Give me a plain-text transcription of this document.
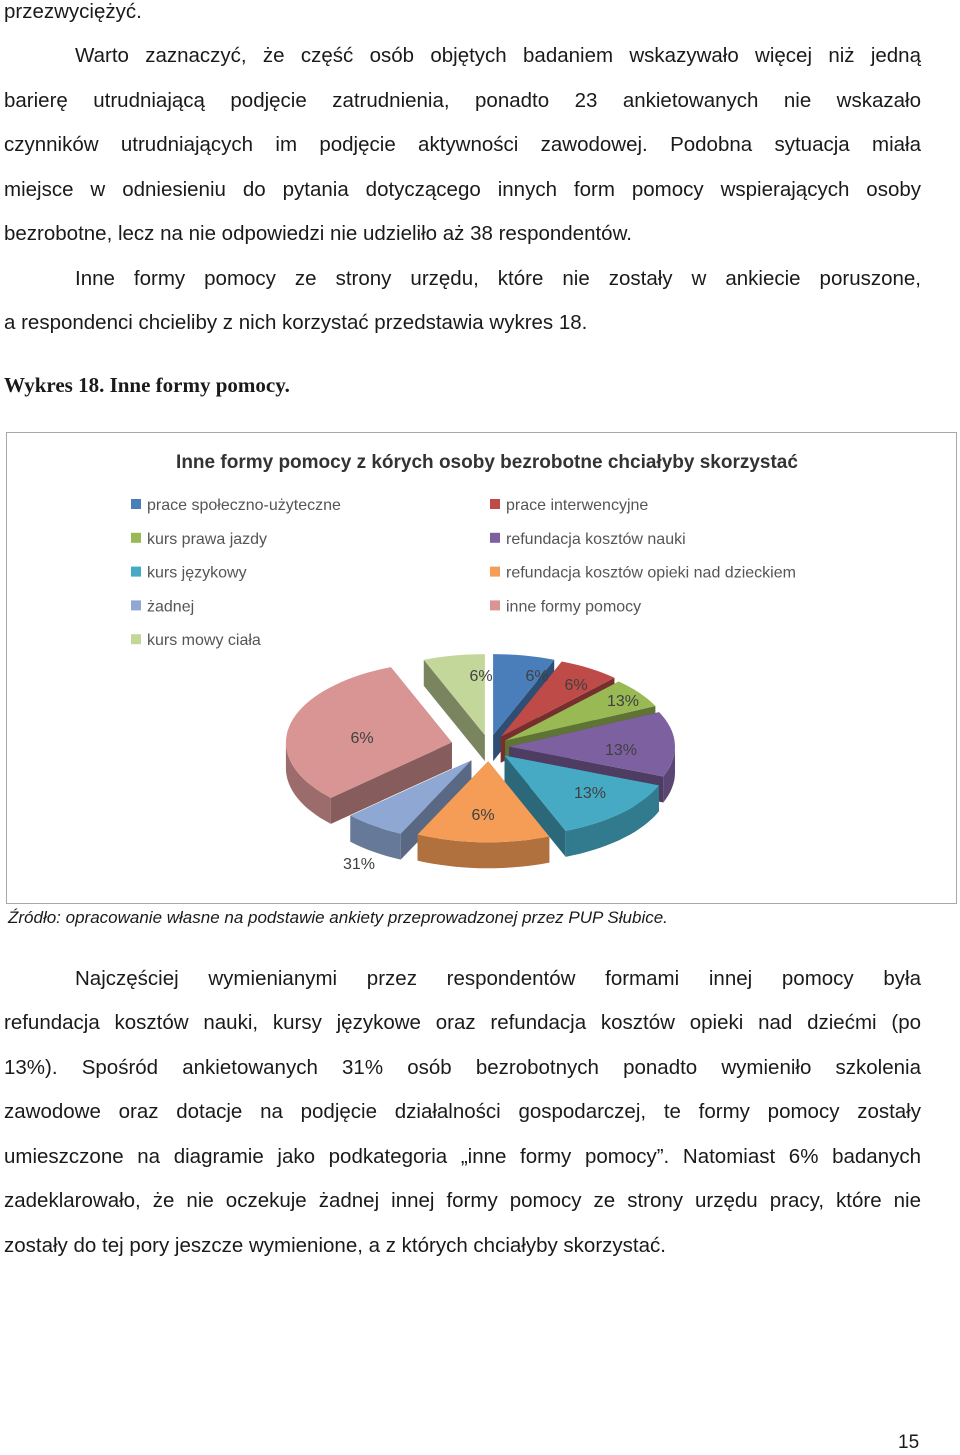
przezwyciężyć.

Warto zaznaczyć, że część osób objętych badaniem wskazywało więcej niż jedną

barierę utrudniającą podjęcie zatrudnienia, ponadto 23 ankietowanych nie wskazało

czynników utrudniających im podjęcie aktywności zawodowej. Podobna sytuacja miała

miejsce w odniesieniu do pytania dotyczącego innych form pomocy wspierających osoby

bezrobotne, lecz na nie odpowiedzi nie udzieliło aż 38 respondentów.

Inne formy pomocy ze strony urzędu, które nie zostały w ankiecie poruszone,

a respondenci chcieliby z nich korzystać przedstawia wykres 18.

Wykres 18. Inne formy pomocy.

Inne formy pomocy z kórych osoby bezrobotne chciałyby skorzystać
prace społeczno-użyteczne	prace interwencyjne
kurs prawa jazdy	refundacja kosztów nauki
kurs językowy	refundacja kosztów opieki nad dzieckiem
żadnej	inne formy pomocy
kurs mowy ciała
6% 6%
6%
13%
13%
13%
6%
31%
6%

Źródło: opracowanie własne na podstawie ankiety przeprowadzonej przez PUP Słubice.

Najczęściej wymienianymi przez respondentów formami innej pomocy była

refundacja kosztów nauki, kursy językowe oraz refundacja kosztów opieki nad dziećmi (po

13%). Spośród ankietowanych 31% osób bezrobotnych ponadto wymieniło szkolenia

zawodowe oraz dotacje na podjęcie działalności gospodarczej, te formy pomocy zostały

umieszczone na diagramie jako podkategoria „inne formy pomocy”. Natomiast 6% badanych

zadeklarowało, że nie oczekuje żadnej innej formy pomocy ze strony urzędu pracy, które nie

zostały do tej pory jeszcze wymienione, a z których chciałyby skorzystać.

15
